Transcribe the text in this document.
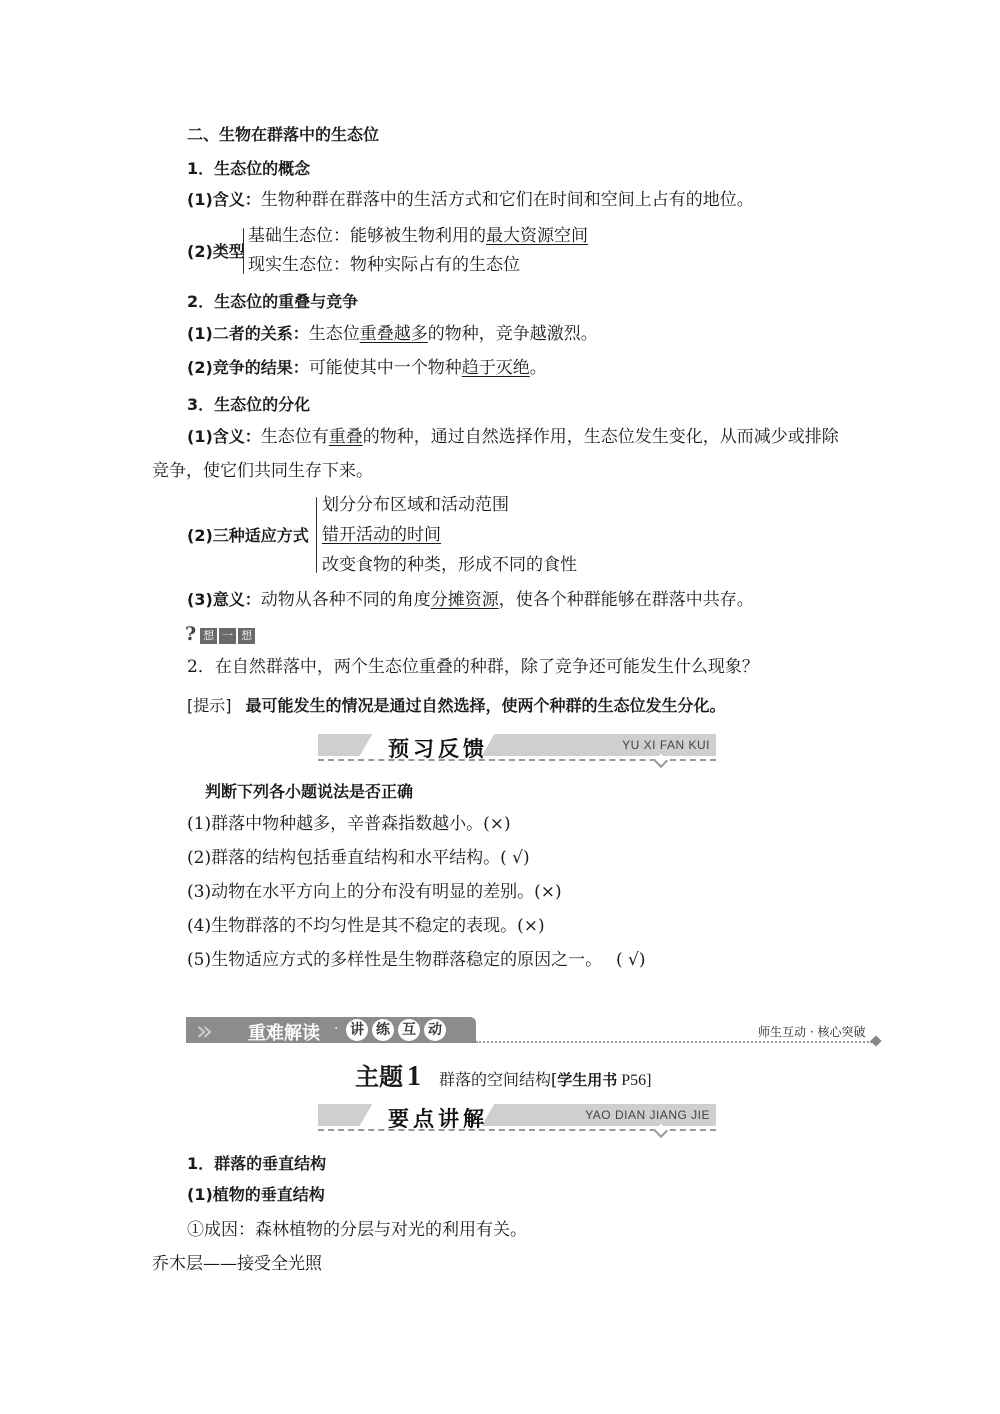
二、生物在群落中的生态位
1．生态位的概念
(1)含义：生物种群在群落中的生活方式和它们在时间和空间上占有的地位。
(2)类型
基础生态位：能够被生物利用的最大资源空间
现实生态位：物种实际占有的生态位
2．生态位的重叠与竞争
(1)二者的关系：生态位重叠越多的物种，竞争越激烈。
(2)竞争的结果：可能使其中一个物种趋于灭绝。
3．生态位的分化
(1)含义：生态位有重叠的物种，通过自然选择作用，生态位发生变化，从而减少或排除
竞争，使它们共同生存下来。
(2)三种适应方式
划分分布区域和活动范围
错开活动的时间
改变食物的种类，形成不同的食性
(3)意义：动物从各种不同的角度分摊资源，使各个种群能够在群落中共存。
? 想 一 想
2．在自然群落中，两个生态位重叠的种群，除了竞争还可能发生什么现象？
[提示] 最可能发生的情况是通过自然选择，使两个种群的生态位发生分化。
预习反馈	YU XI FAN KUI
判断下列各小题说法是否正确
(1)群落中物种越多，辛普森指数越小。(×)
(2)群落的结构包括垂直结构和水平结构。( √)
(3)动物在水平方向上的分布没有明显的差别。(×)
(4)生物群落的不均匀性是其不稳定的表现。(×)
(5)生物适应方式的多样性是生物群落稳定的原因之一。　 ( √)
» 重难解读 · 讲 练 互 动	师生互动 · 核心突破
主题 1 群落的空间结构[学生用书 P56]
要点讲解	YAO DIAN JIANG JIE
1．群落的垂直结构
(1)植物的垂直结构
①成因：森林植物的分层与对光的利用有关。
乔木层——接受全光照
